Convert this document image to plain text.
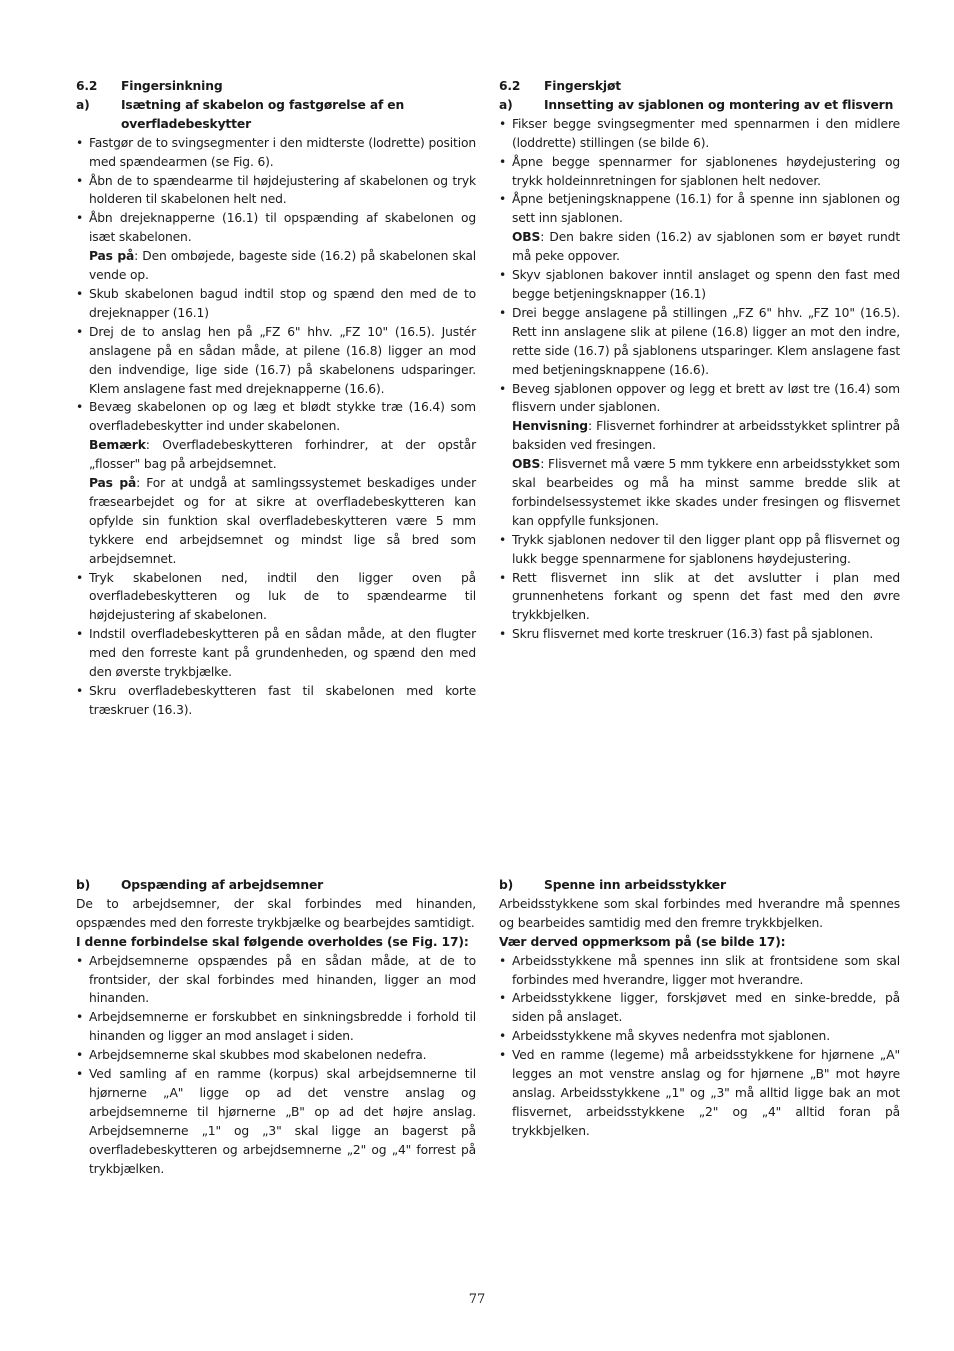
6.2	Fingersinkning
a)	Isætning af skabelon og fastgørelse af en overfladebeskytter
• Fastgør de to svingsegmenter i den midterste (lodrette) position med spændearmen (se Fig. 6).
• Åbn de to spændearme til højdejustering af skabelonen og tryk holderen til skabelonen helt ned.
• Åbn drejeknapperne (16.1) til opspænding af skabelonen og isæt skabelonen.
Pas på: Den ombøjede, bageste side (16.2) på skabelonen skal vende op.
• Skub skabelonen bagud indtil stop og spænd den med de to drejeknapper (16.1)
• Drej de to anslag hen på „FZ 6" hhv. „FZ 10" (16.5). Justér anslagene på en sådan måde, at pilene (16.8) ligger an mod den indvendige, lige side (16.7) på skabelonens udsparinger. Klem anslagene fast med drejeknapperne (16.6).
• Bevæg skabelonen op og læg et blødt stykke træ (16.4) som overfladebeskytter ind under skabelonen.
Bemærk: Overfladebeskytteren forhindrer, at der opstår „flosser" bag på arbejdsemnet.
Pas på: For at undgå at samlingssystemet beskadiges under fræsearbejdet og for at sikre at overfladebeskytteren kan opfylde sin funktion skal overfladebeskytteren være 5 mm tykkere end arbejdsemnet og mindst lige så bred som arbejdsemnet.
• Tryk skabelonen ned, indtil den ligger oven på overfladebeskytteren og luk de to spændearme til højdejustering af skabelonen.
• Indstil overfladebeskytteren på en sådan måde, at den flugter med den forreste kant på grundenheden, og spænd den med den øverste trykbjælke.
• Skru overfladebeskytteren fast til skabelonen med korte træskruer (16.3).
6.2	Fingerskjøt
a)	Innsetting av sjablonen og montering av et flisvern
• Fikser begge svingsegmenter med spennarmen i den midlere (loddrette) stillingen (se bilde 6).
• Åpne begge spennarmer for sjablonenes høydejustering og trykk holdeinnretningen for sjablonen helt nedover.
• Åpne betjeningsknappene (16.1) for å spenne inn sjablonen og sett inn sjablonen.
OBS: Den bakre siden (16.2) av sjablonen som er bøyet rundt må peke oppover.
• Skyv sjablonen bakover inntil anslaget og spenn den fast med begge betjeningsknapper (16.1)
• Drei begge anslagene på stillingen „FZ 6" hhv. „FZ 10" (16.5). Rett inn anslagene slik at pilene (16.8) ligger an mot den indre, rette side (16.7) på sjablonens utsparinger. Klem anslagene fast med betjeningsknappene (16.6).
• Beveg sjablonen oppover og legg et brett av løst tre (16.4) som flisvern under sjablonen.
Henvisning: Flisvernet forhindrer at arbeidsstykket splintrer på baksiden ved fresingen.
OBS: Flisvernet må være 5 mm tykkere enn arbeidsstykket som skal bearbeides og må ha minst samme bredde slik at forbindelsessystemet ikke skades under fresingen og flisvernet kan oppfylle funksjonen.
• Trykk sjablonen nedover til den ligger plant opp på flisvernet og lukk begge spennarmene for sjablonens høydejustering.
• Rett flisvernet inn slik at det avslutter i plan med grunnenhetens forkant og spenn det fast med den øvre trykkbjelken.
• Skru flisvernet med korte treskruer (16.3) fast på sjablonen.
b)	Opspænding af arbejdsemner
De to arbejdsemner, der skal forbindes med hinanden, opspændes med den forreste trykbjælke og bearbejdes samtidigt.
I denne forbindelse skal følgende overholdes (se Fig. 17):
• Arbejdsemnerne opspændes på en sådan måde, at de to frontsider, der skal forbindes med hinanden, ligger an mod hinanden.
• Arbejdsemnerne er forskubbet en sinkningsbredde i forhold til hinanden og ligger an mod anslaget i siden.
• Arbejdsemnerne skal skubbes mod skabelonen nedefra.
• Ved samling af en ramme (korpus) skal arbejdsemnerne til hjørnerne „A" ligge op ad det venstre anslag og arbejdsemnerne til hjørnerne „B" op ad det højre anslag. Arbejdsemnerne „1" og „3" skal ligge an bagerst på overfladebeskytteren og arbejdsemnerne „2" og „4" forrest på trykbjælken.
b)	Spenne inn arbeidsstykker
Arbeidsstykkene som skal forbindes med hverandre må spennes og bearbeides samtidig med den fremre trykkbjelken.
Vær derved oppmerksom på (se bilde 17):
• Arbeidsstykkene må spennes inn slik at frontsidene som skal forbindes med hverandre, ligger mot hverandre.
• Arbeidsstykkene ligger, forskjøvet med en sinke-bredde, på siden på anslaget.
• Arbeidsstykkene må skyves nedenfra mot sjablonen.
• Ved en ramme (legeme) må arbeidsstykkene for hjørnene „A" legges an mot venstre anslag og for hjørnene „B" mot høyre anslag. Arbeidsstykkene „1" og „3" må alltid ligge bak an mot flisvernet, arbeidsstykkene „2" og „4" alltid foran på trykkbjelken.
77
